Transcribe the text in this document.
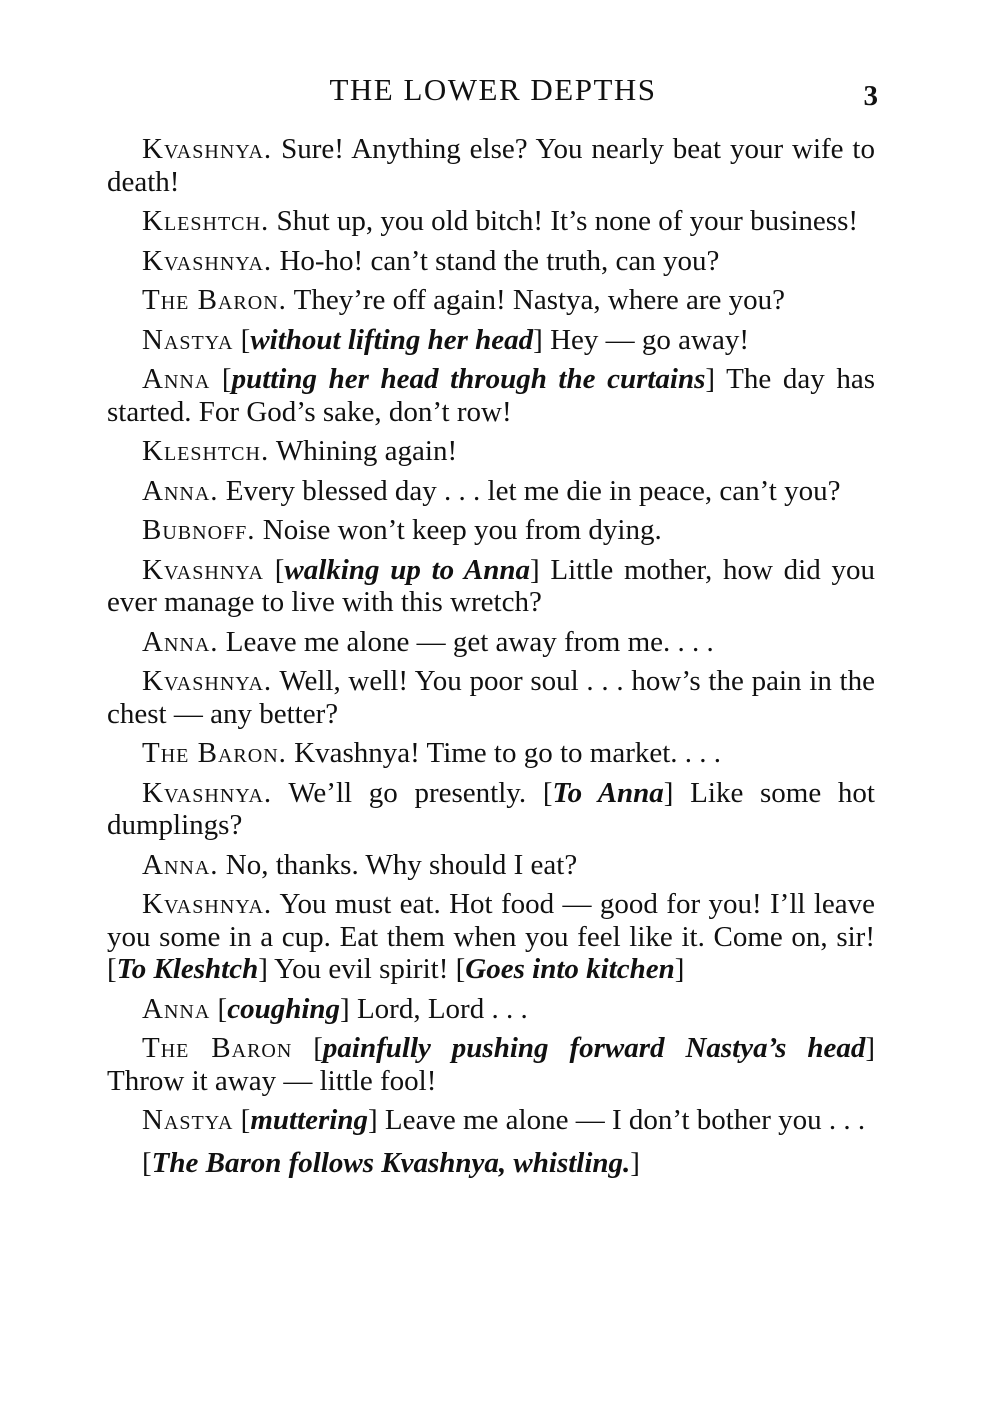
THE LOWER DEPTHS	3

Kvashnya. Sure! Anything else? You nearly beat your wife to death!

Kleshtch. Shut up, you old bitch! It’s none of your business!

Kvashnya. Ho-ho! can’t stand the truth, can you?

The Baron. They’re off again! Nastya, where are you?

Nastya [without lifting her head] Hey — go away!

Anna [putting her head through the curtains] The day has started. For God’s sake, don’t row!

Kleshtch. Whining again!

Anna. Every blessed day . . . let me die in peace, can’t you?

Bubnoff. Noise won’t keep you from dying.

Kvashnya [walking up to Anna] Little mother, how did you ever manage to live with this wretch?

Anna. Leave me alone — get away from me. . . .

Kvashnya. Well, well! You poor soul . . . how’s the pain in the chest — any better?

The Baron. Kvashnya! Time to go to market. . . .

Kvashnya. We’ll go presently. [To Anna] Like some hot dumplings?

Anna. No, thanks. Why should I eat?

Kvashnya. You must eat. Hot food — good for you! I’ll leave you some in a cup. Eat them when you feel like it. Come on, sir! [To Kleshtch] You evil spirit! [Goes into kitchen]

Anna [coughing] Lord, Lord . . .

The Baron [painfully pushing forward Nastya’s head] Throw it away — little fool!

Nastya [muttering] Leave me alone — I don’t bother you . . .

[The Baron follows Kvashnya, whistling.]
